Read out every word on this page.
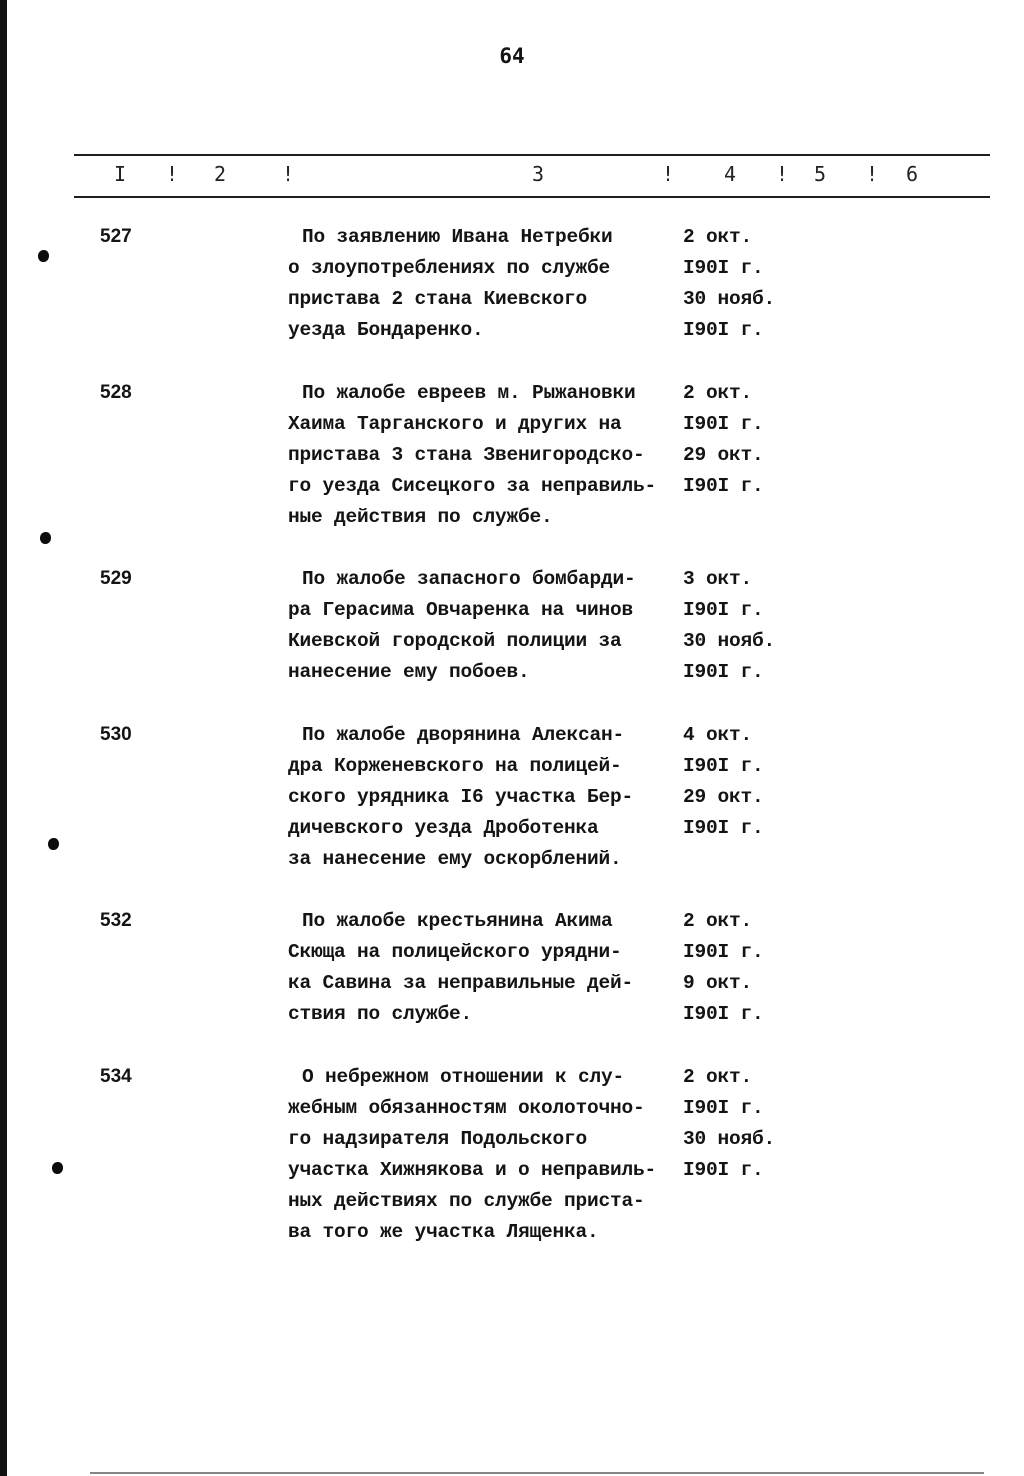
64
I ! 2	!	3	! 4 ! 5 ! 6
527	По заявлению Ивана Нетребки	2 окт.
о злоупотреблениях по службе	I90I г.
пристава 2 стана Киевского	30 нояб.
уезда Бондаренко.	I90I г.
528	По жалобе евреев м. Рыжановки 2 окт.
Хаима Тарганского и других на	I90I г.
пристава 3 стана Звенигородско- 29 окт.
го уезда Сисецкого за неправиль- I90I г.
ные действия по службе.
529	По жалобе запасного бомбарди- 3 окт.
ра Герасима Овчаренка на чинов	I90I г.
Киевской городской полиции за	30 нояб.
нанесение ему побоев.	I90I г.
530	По жалобе дворянина Алексан-	4 окт.
дра Корженевского на полицей-	I90I г.
ского урядника I6 участка Бер-	29 окт.
дичевского уезда Дроботенка	I90I г.
за нанесение ему оскорблений.
532	По жалобе крестьянина Акима	2 окт.
Скюща на полицейского урядни-	I90I г.
ка Савина за неправильные дей-	9 окт.
ствия по службе.	I90I г.
534	О небрежном отношении к слу-	2 окт.
жебным обязанностям околоточно- I90I г.
го надзирателя Подольского	30 нояб.
участка Хижнякова и о неправиль- I90I г.
ных действиях по службе приста-
ва того же участка Лященка.
